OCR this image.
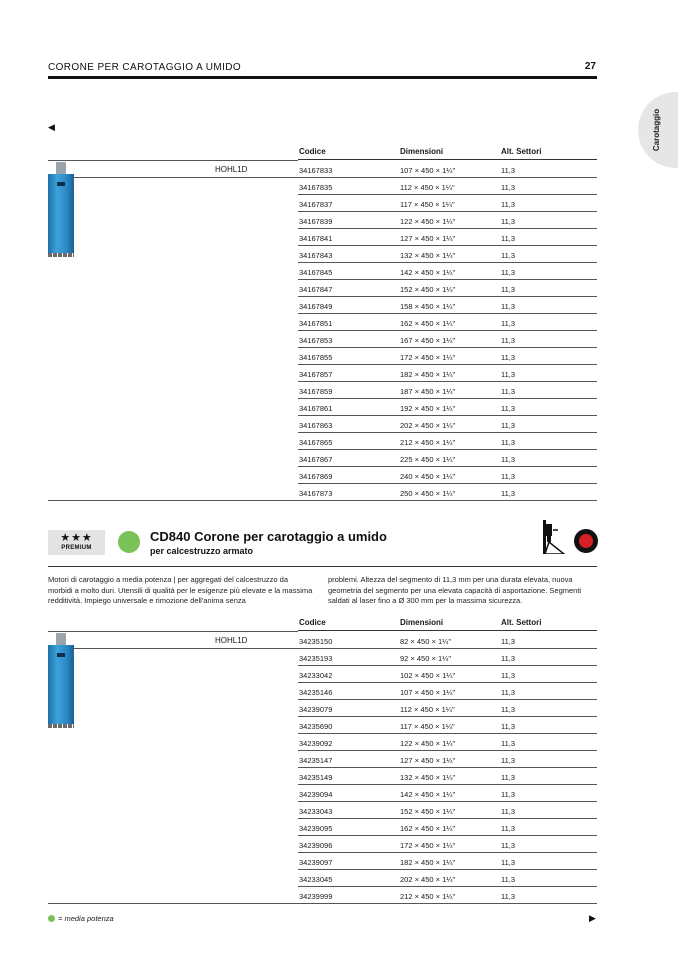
CORONE PER CAROTAGGIO A UMIDO	27
Carotaggio
◀
Codice	Dimensioni	Alt. Settori
HOHL1D	34167833	107 × 450 × 1¼"	11,3
34167835	112 × 450 × 1¼"	11,3
34167837	117 × 450 × 1¼"	11,3
34167839	122 × 450 × 1¼"	11,3
34167841	127 × 450 × 1¼"	11,3
34167843	132 × 450 × 1¼"	11,3
34167845	142 × 450 × 1¼"	11,3
34167847	152 × 450 × 1¼"	11,3
34167849	158 × 450 × 1¼"	11,3
34167851	162 × 450 × 1¼"	11,3
34167853	167 × 450 × 1¼"	11,3
34167855	172 × 450 × 1¼"	11,3
34167857	182 × 450 × 1¼"	11,3
34167859	187 × 450 × 1¼"	11,3
34167861	192 × 450 × 1¼"	11,3
34167863	202 × 450 × 1¼"	11,3
34167865	212 × 450 × 1¼"	11,3
34167867	225 × 450 × 1¼"	11,3
34167869	240 × 450 × 1¼"	11,3
34167873	250 × 450 × 1¼"	11,3
★★★
PREMIUM
CD840 Corone per carotaggio a umido
per calcestruzzo armato
Motori di carotaggio a media potenza | per aggregati del calcestruzzo da morbidi a molto duri. Utensili di qualità per le esigenze più elevate e la massima redditività. Impiego universale e rimozione dell'anima senza
problemi. Altezza del segmento di 11,3 mm per una durata elevata, nuova geometria del segmento per una elevata capacità di asportazione. Segmenti saldati al laser fino a Ø 300 mm per la massima sicurezza.
Codice	Dimensioni	Alt. Settori
HOHL1D	34235150	82 × 450 × 1¼"	11,3
34235193	92 × 450 × 1¼"	11,3
34233042	102 × 450 × 1¼"	11,3
34235146	107 × 450 × 1¼"	11,3
34239079	112 × 450 × 1¼"	11,3
34235690	117 × 450 × 1¼"	11,3
34239092	122 × 450 × 1¼"	11,3
34235147	127 × 450 × 1¼"	11,3
34235149	132 × 450 × 1¼"	11,3
34239094	142 × 450 × 1¼"	11,3
34233043	152 × 450 × 1¼"	11,3
34239095	162 × 450 × 1¼"	11,3
34239096	172 × 450 × 1¼"	11,3
34239097	182 × 450 × 1¼"	11,3
34233045	202 × 450 × 1¼"	11,3
34239999	212 × 450 × 1¼"	11,3
= media potenza	▶
